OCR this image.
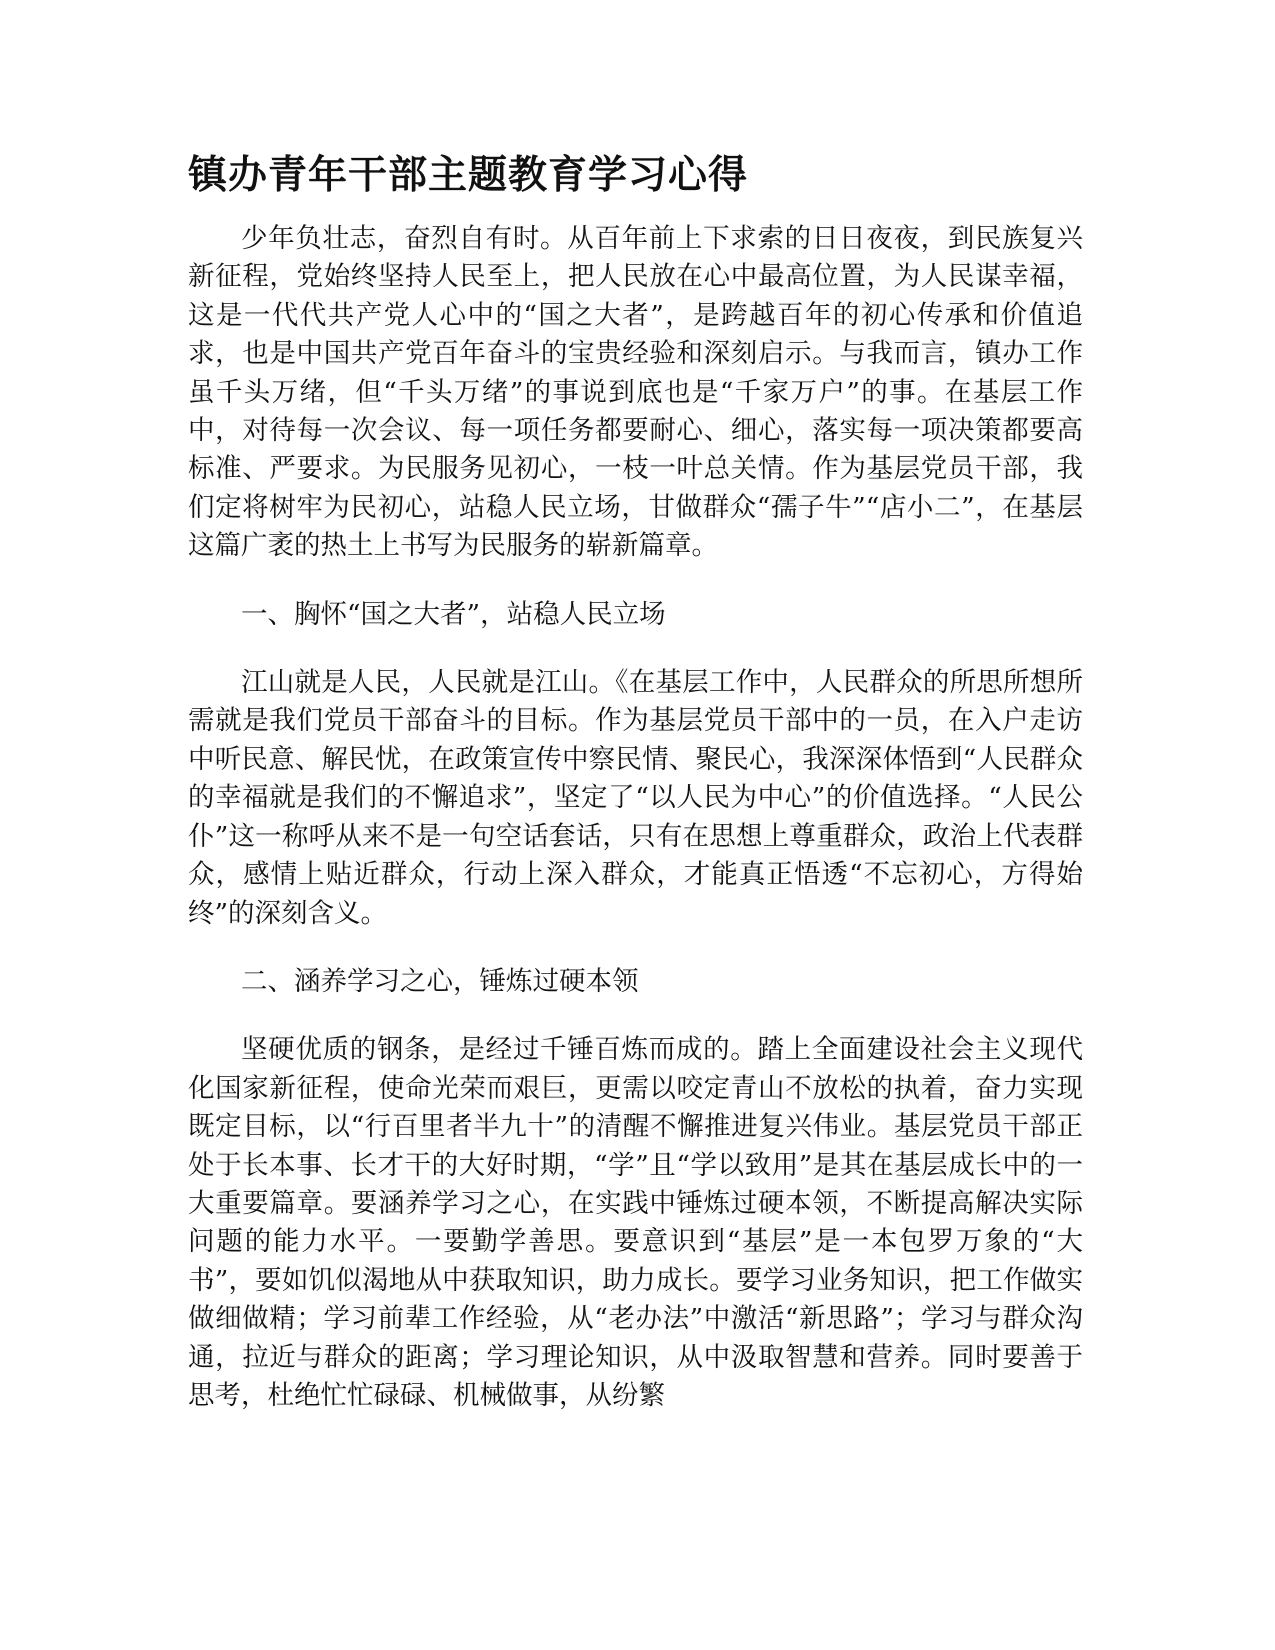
镇办青年干部主题教育学习心得

少年负壮志，奋烈自有时。从百年前上下求索的日日夜夜，到民族复兴新征程，党始终坚持人民至上，把人民放在心中最高位置，为人民谋幸福，这是一代代共产党人心中的“国之大者”，是跨越百年的初心传承和价值追求，也是中国共产党百年奋斗的宝贵经验和深刻启示。与我而言，镇办工作虽千头万绪，但“千头万绪”的事说到底也是“千家万户”的事。在基层工作中，对待每一次会议、每一项任务都要耐心、细心，落实每一项决策都要高标准、严要求。为民服务见初心，一枝一叶总关情。作为基层党员干部，我们定将树牢为民初心，站稳人民立场，甘做群众“孺子牛”“店小二”，在基层这篇广袤的热土上书写为民服务的崭新篇章。

一、胸怀“国之大者”，站稳人民立场

江山就是人民，人民就是江山。《在基层工作中，人民群众的所思所想所需就是我们党员干部奋斗的目标。作为基层党员干部中的一员，在入户走访中听民意、解民忧，在政策宣传中察民情、聚民心，我深深体悟到“人民群众的幸福就是我们的不懈追求”，坚定了“以人民为中心”的价值选择。“人民公仆”这一称呼从来不是一句空话套话，只有在思想上尊重群众，政治上代表群众，感情上贴近群众，行动上深入群众，才能真正悟透“不忘初心，方得始终”的深刻含义。

二、涵养学习之心，锤炼过硬本领

坚硬优质的钢条，是经过千锤百炼而成的。踏上全面建设社会主义现代化国家新征程，使命光荣而艰巨，更需以咬定青山不放松的执着，奋力实现既定目标，以“行百里者半九十”的清醒不懈推进复兴伟业。基层党员干部正处于长本事、长才干的大好时期，“学”且“学以致用”是其在基层成长中的一大重要篇章。要涵养学习之心，在实践中锤炼过硬本领，不断提高解决实际问题的能力水平。一要勤学善思。要意识到“基层”是一本包罗万象的“大书”，要如饥似渴地从中获取知识，助力成长。要学习业务知识，把工作做实做细做精；学习前辈工作经验，从“老办法”中激活“新思路”；学习与群众沟通，拉近与群众的距离；学习理论知识，从中汲取智慧和营养。同时要善于思考，杜绝忙忙碌碌、机械做事，从纷繁
